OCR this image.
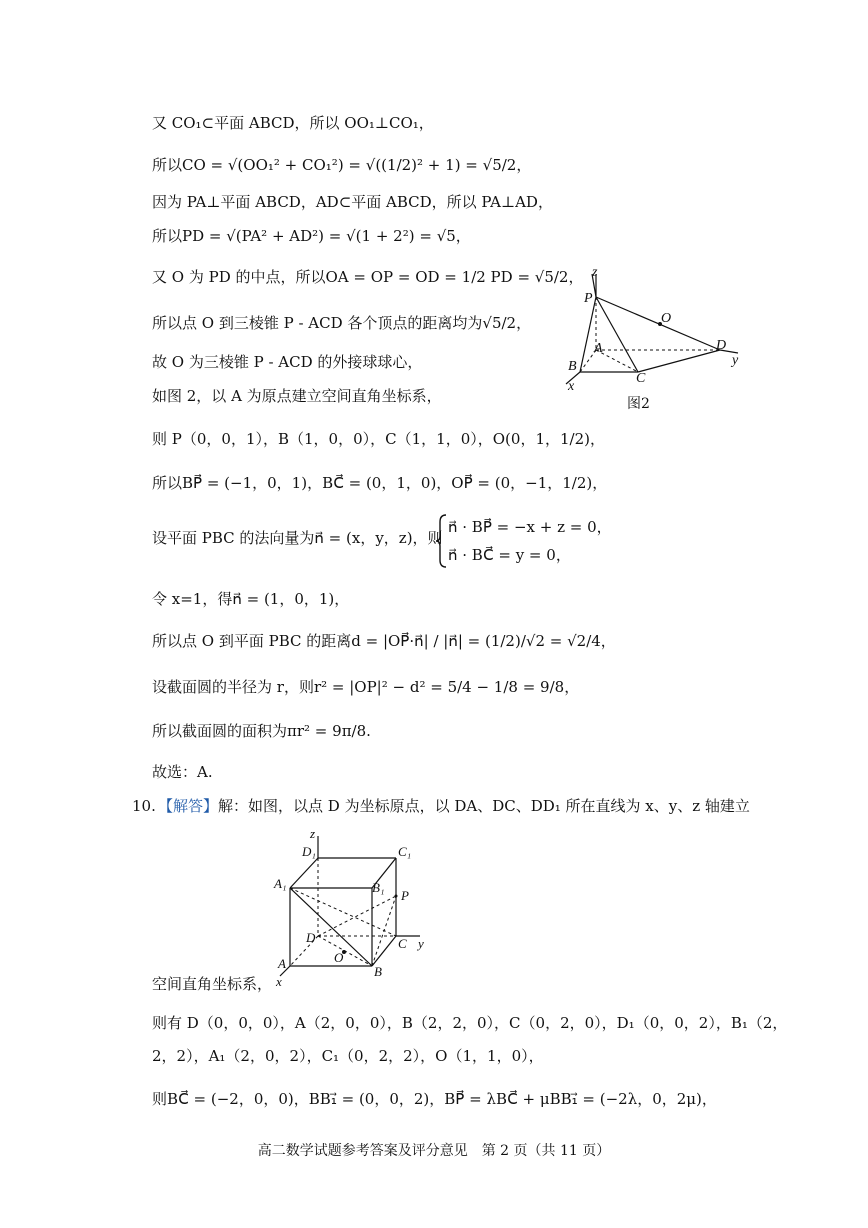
又 CO₁⊂平面 ABCD，所以 OO₁⊥CO₁，
所以CO = √(OO₁² + CO₁²) = √((1/2)² + 1) = √5/2，
因为 PA⊥平面 ABCD，AD⊂平面 ABCD，所以 PA⊥AD，
所以PD = √(PA² + AD²) = √(1 + 2²) = √5，
又 O 为 PD 的中点，所以OA = OP = OD = 1/2 PD = √5/2，
所以点 O 到三棱锥 P - ACD 各个顶点的距离均为√5/2，
故 O 为三棱锥 P - ACD 的外接球球心，
如图 2，以 A 为原点建立空间直角坐标系，
则 P（0，0，1），B（1，0，0），C（1，1，0），O(0，1，1/2)，
所以BP⃗ = (−1，0，1)，BC⃗ = (0，1，0)，OP⃗ = (0，−1，1/2)，
设平面 PBC 的法向量为n⃗ = (x，y，z)，则
n⃗ · BP⃗ = −x + z = 0，
n⃗ · BC⃗ = y = 0，
令 x=1，得n⃗ = (1，0，1)，
所以点 O 到平面 PBC 的距离d = |OP⃗·n⃗| / |n⃗| = (1/2)/√2 = √2/4，
设截面圆的半径为 r，则r² = |OP|² − d² = 5/4 − 1/8 = 9/8，
所以截面圆的面积为πr² = 9π/8.
故选：A.
10. 【解答】 解：如图，以点 D 为坐标原点，以 DA、DC、DD₁ 所在直线为 x、y、z 轴建立
空间直角坐标系，
则有 D（0，0，0），A（2，0，0），B（2，2，0），C（0，2，0），D₁（0，0，2），B₁（2，
2，2），A₁（2，0，2），C₁（0，2，2），O（1，1，0），
则BC⃗ = (−2，0，0)，BB₁⃗ = (0，0，2)，BP⃗ = λBC⃗ + μBB₁⃗ = (−2λ，0，2μ)，
z
P
O
A
B
C
D
x
y
图2
z
D₁	C₁
A₁	B₁
P
D	C y
O
A
B
x
高二数学试题参考答案及评分意见　第 2 页（共 11 页）
